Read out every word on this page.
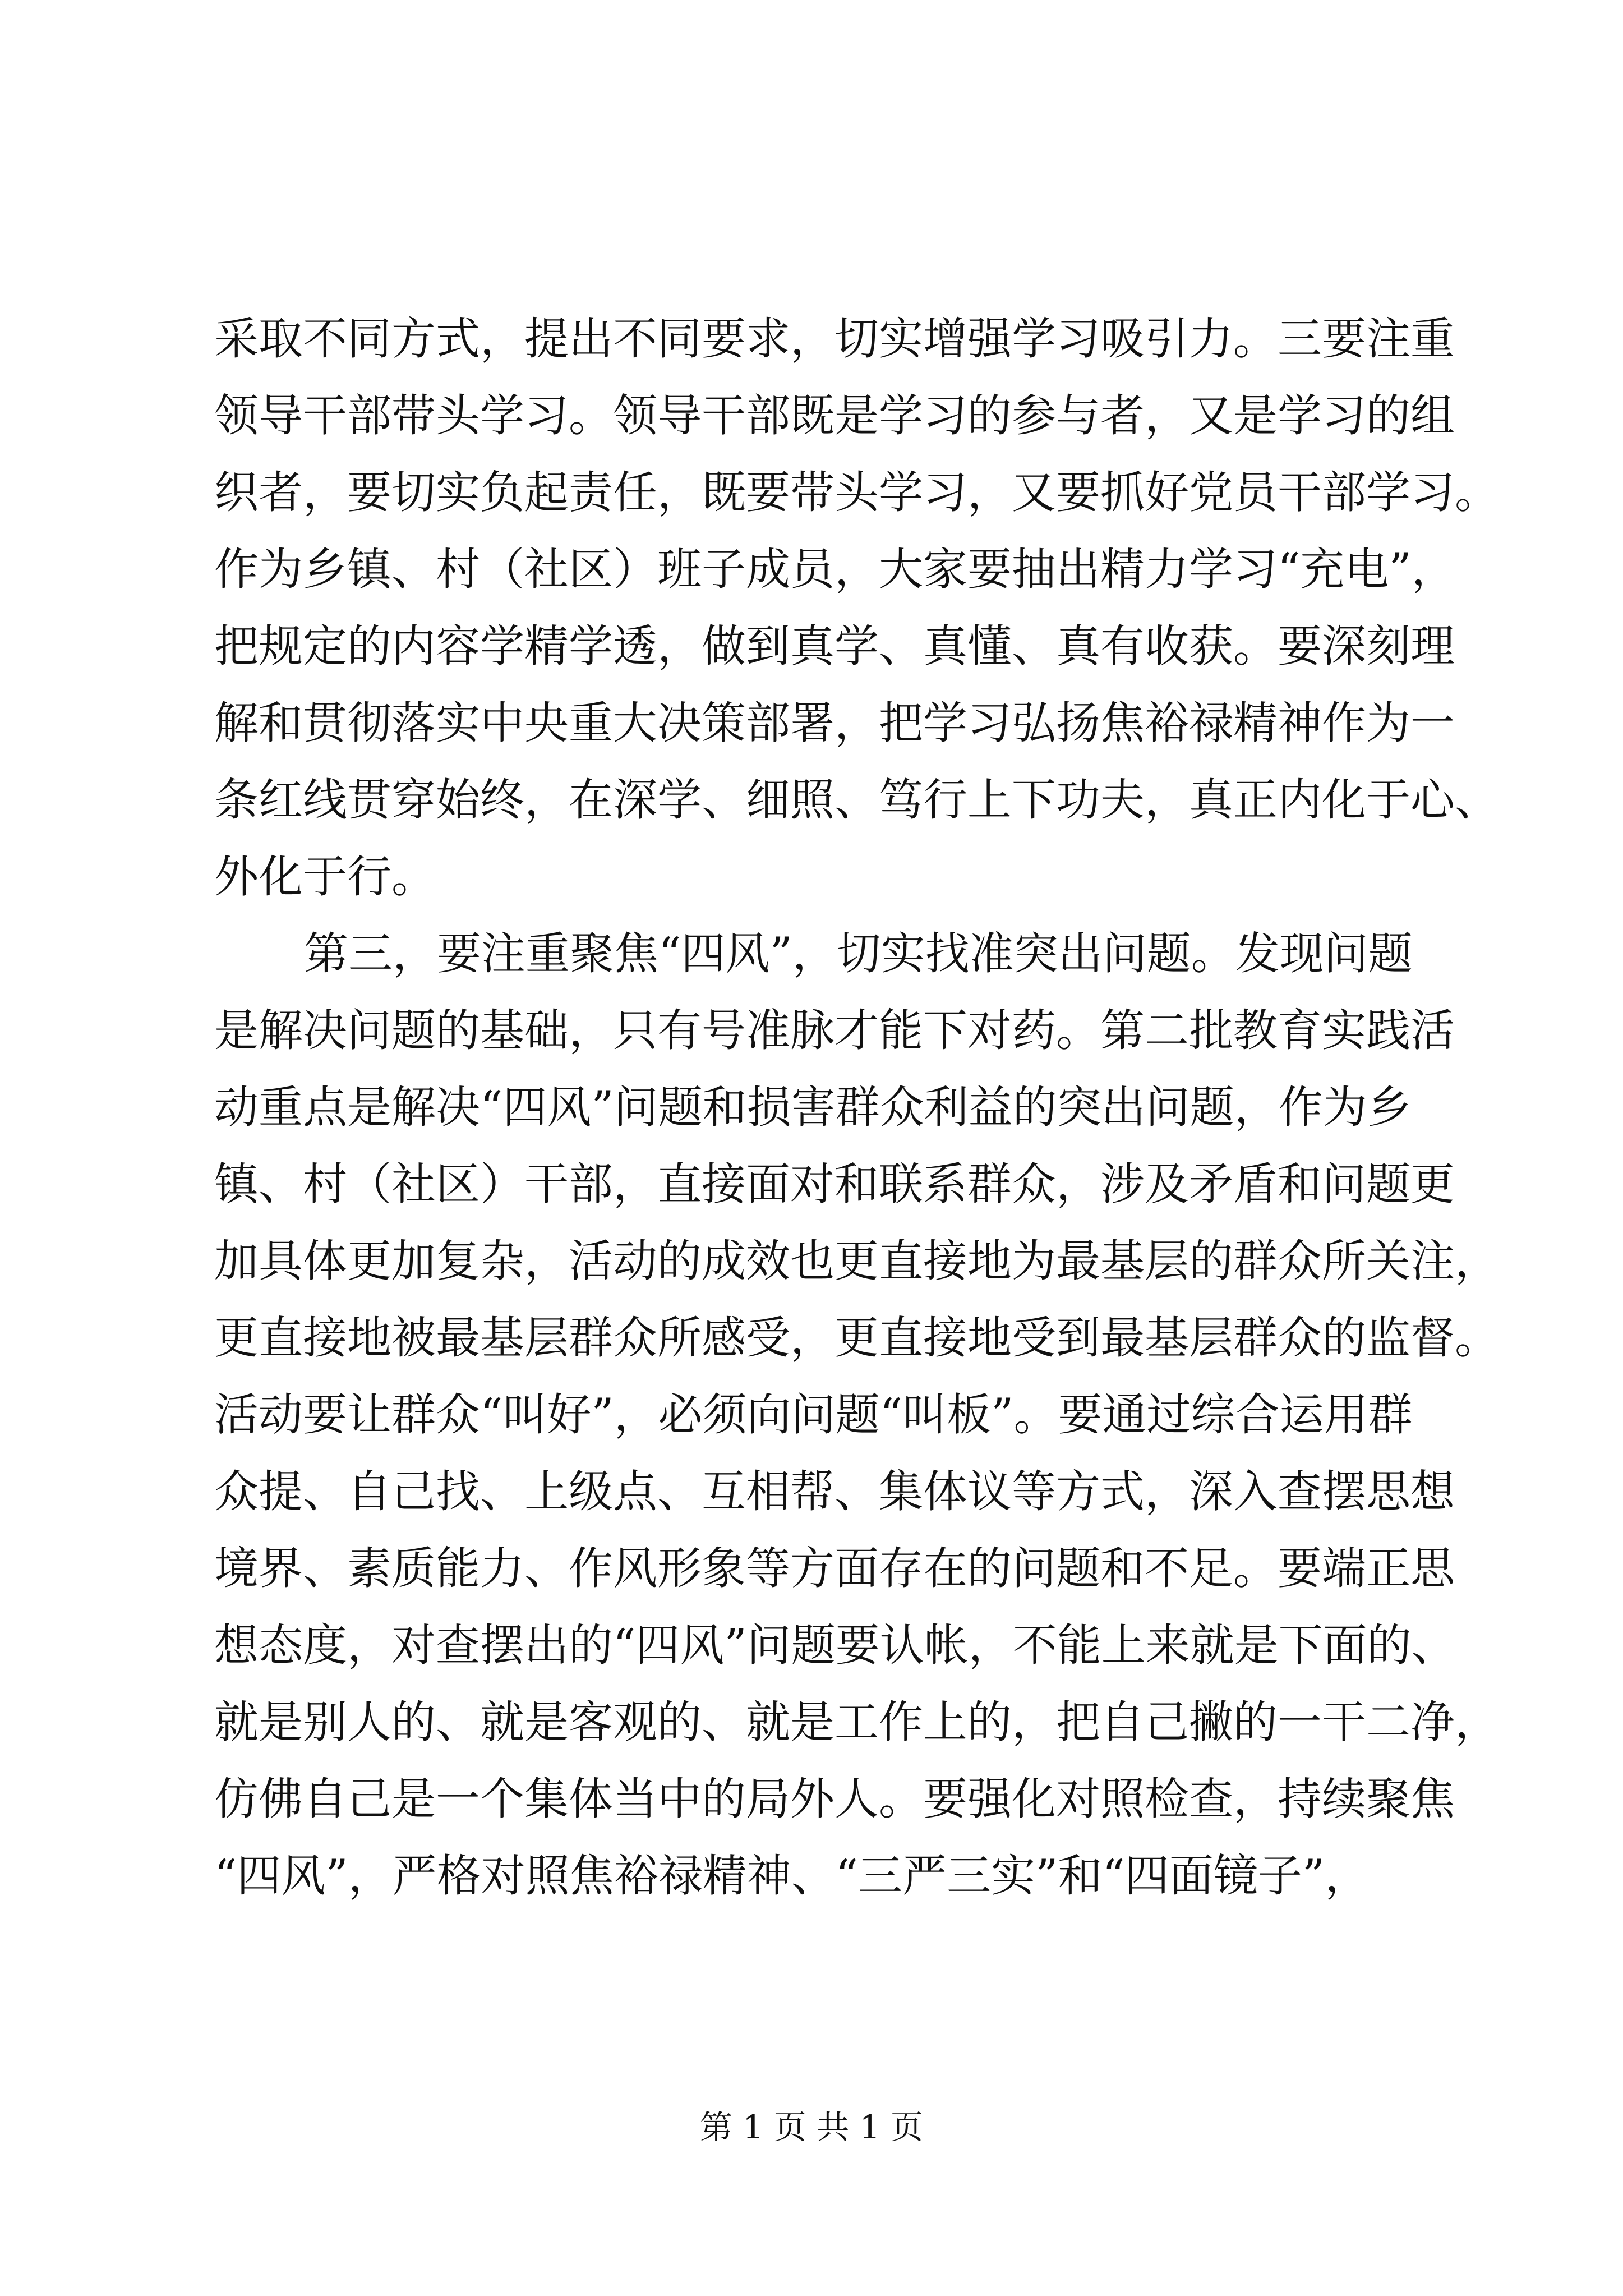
采取不同方式，提出不同要求，切实增强学习吸引力。三要注重
领导干部带头学习。领导干部既是学习的参与者，又是学习的组
织者，要切实负起责任，既要带头学习，又要抓好党员干部学习。
作为乡镇、村（社区）班子成员，大家要抽出精力学习“充电”，
把规定的内容学精学透，做到真学、真懂、真有收获。要深刻理
解和贯彻落实中央重大决策部署，把学习弘扬焦裕禄精神作为一
条红线贯穿始终，在深学、细照、笃行上下功夫，真正内化于心、
外化于行。
第三，要注重聚焦“四风”，切实找准突出问题。发现问题
是解决问题的基础，只有号准脉才能下对药。第二批教育实践活
动重点是解决“四风”问题和损害群众利益的突出问题，作为乡
镇、村（社区）干部，直接面对和联系群众，涉及矛盾和问题更
加具体更加复杂，活动的成效也更直接地为最基层的群众所关注，
更直接地被最基层群众所感受，更直接地受到最基层群众的监督。
活动要让群众“叫好”，必须向问题“叫板”。要通过综合运用群
众提、自己找、上级点、互相帮、集体议等方式，深入查摆思想
境界、素质能力、作风形象等方面存在的问题和不足。要端正思
想态度，对查摆出的“四风”问题要认帐，不能上来就是下面的、
就是别人的、就是客观的、就是工作上的，把自己撇的一干二净，
仿佛自己是一个集体当中的局外人。要强化对照检查，持续聚焦
“四风”，严格对照焦裕禄精神、“三严三实”和“四面镜子”，
第 1 页 共 1 页
